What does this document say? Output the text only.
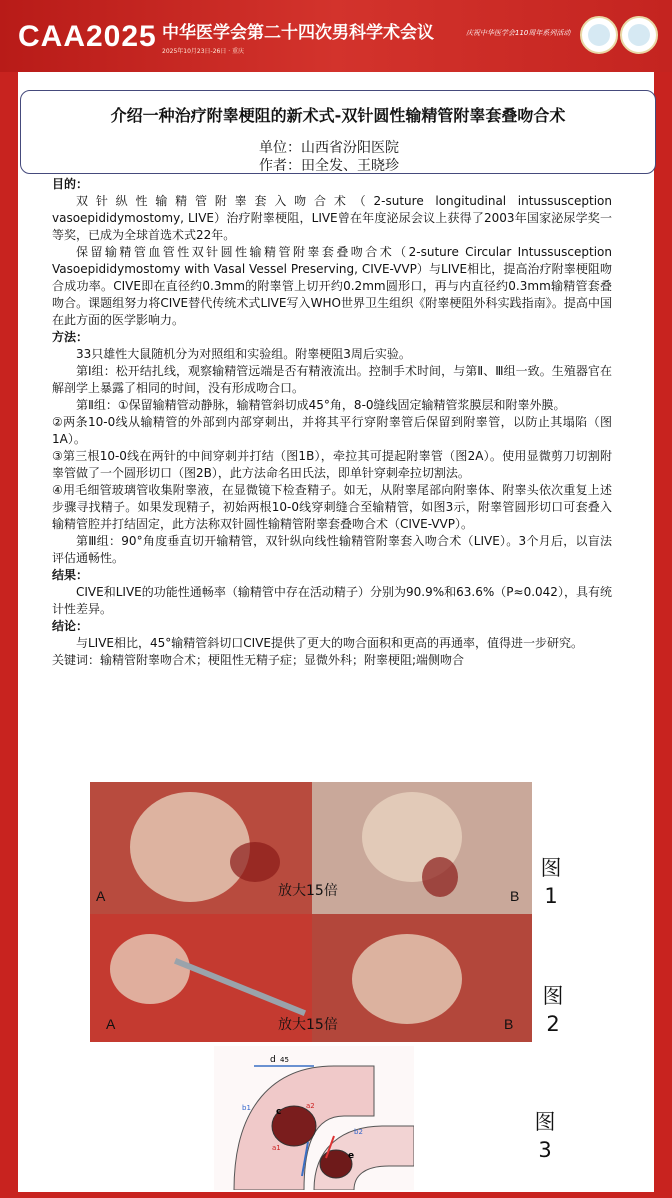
CAA2025 中华医学会第二十四次男科学术会议
2025年10月23日-26日 · 重庆
庆祝中华医学会110周年系列活动
介绍一种治疗附睾梗阻的新术式-双针圆性输精管附睾套叠吻合术
单位：山西省汾阳医院
作者：田全发、王晓珍

目的：

双针纵性输精管附睾套入吻合术（2-suture longitudinal intussusception vasoepididymostomy, LIVE）治疗附睾梗阻，LIVE曾在年度泌尿会议上获得了2003年国家泌尿学奖一等奖，已成为全球首选术式22年。

保留输精管血管性双针圆性输精管附睾套叠吻合术（2-suture Circular Intussusception Vasoepididymostomy with Vasal Vessel Preserving, CIVE-VVP）与LIVE相比，提高治疗附睾梗阻吻合成功率。CIVE即在直径约0.3mm的附睾管上切开约0.2mm圆形口，再与内直径约0.3mm输精管套叠吻合。课题组努力将CIVE替代传统术式LIVE写入WHO世界卫生组织《附睾梗阻外科实践指南》。提高中国在此方面的医学影响力。

方法：

33只雄性大鼠随机分为对照组和实验组。附睾梗阻3周后实验。

第Ⅰ组：松开结扎线，观察输精管远端是否有精液流出。控制手术时间，与第Ⅱ、Ⅲ组一致。生殖器官在解剖学上暴露了相同的时间，没有形成吻合口。

第Ⅱ组：①保留输精管动静脉，输精管斜切成45°角，8-0缝线固定输精管浆膜层和附睾外膜。

②两条10-0线从输精管的外部到内部穿刺出，并将其平行穿附睾管后保留到附睾管，以防止其塌陷（图1A）。

③第三根10-0线在两针的中间穿刺并打结（图1B），牵拉其可提起附睾管（图2A）。使用显微剪刀切割附睾管做了一个圆形切口（图2B），此方法命名田氏法，即单针穿刺牵拉切割法。

④用毛细管玻璃管收集附睾液，在显微镜下检查精子。如无，从附睾尾部向附睾体、附睾头依次重复上述步骤寻找精子。如果发现精子，初始两根10-0线穿刺缝合至输精管，如图3示，附睾管圆形切口可套叠入输精管腔并打结固定，此方法称双针圆性输精管附睾套叠吻合术（CIVE-VVP）。

第Ⅲ组：90°角度垂直切开输精管，双针纵向线性输精管附睾套入吻合术（LIVE）。3个月后，以盲法评估通畅性。

结果：

CIVE和LIVE的功能性通畅率（输精管中存在活动精子）分别为90.9%和63.6%（P≈0.042），具有统计性差异。

结论：

与LIVE相比，45°输精管斜切口CIVE提供了更大的吻合面积和更高的再通率，值得进一步研究。

关键词：输精管附睾吻合术；梗阻性无精子症；显微外科；附睾梗阻;端侧吻合

A	B
放大15倍
图
1
A	B
放大15倍
图
2
d 45
c
e
a1
a2
b1
b2	图
3
